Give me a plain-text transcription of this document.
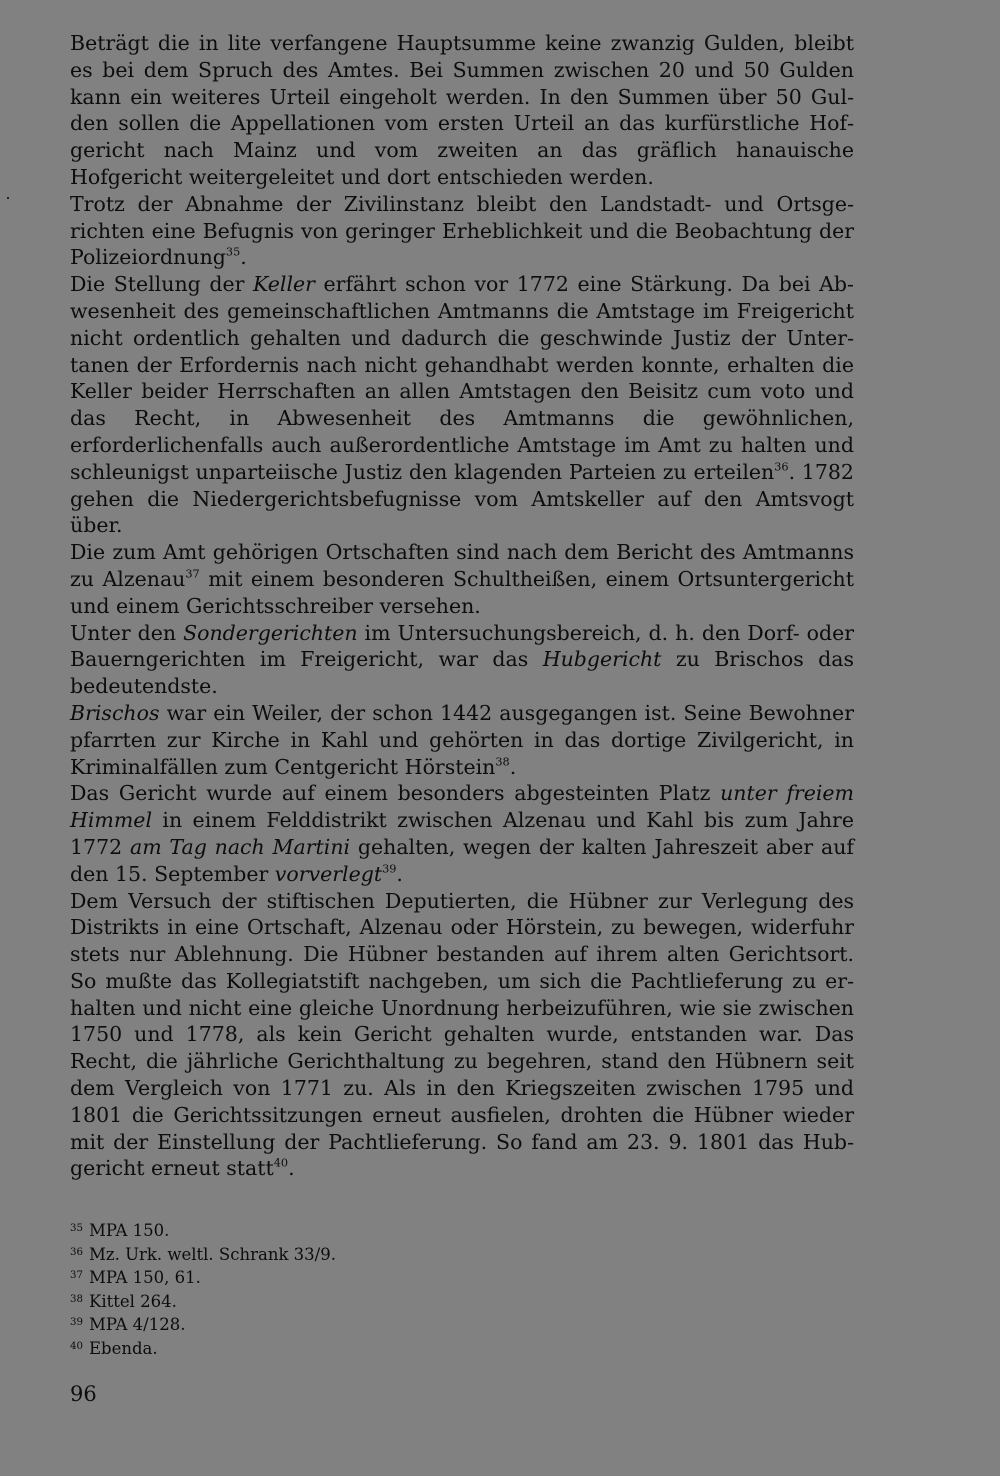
Beträgt die in lite verfangene Hauptsumme keine zwanzig Gulden, bleibt es bei dem Spruch des Amtes. Bei Summen zwischen 20 und 50 Gulden kann ein weiteres Urteil eingeholt werden. In den Summen über 50 Gulden sollen die Appellationen vom ersten Urteil an das kurfürstliche Hofgericht nach Mainz und vom zweiten an das gräflich hanauische Hofgericht weitergeleitet und dort entschieden werden.

Trotz der Abnahme der Zivilinstanz bleibt den Landstadt- und Ortsgerichten eine Befugnis von geringer Erheblichkeit und die Beobachtung der Polizeiordnung$^{35}$.

Die Stellung der Keller erfährt schon vor 1772 eine Stärkung. Da bei Abwesenheit des gemeinschaftlichen Amtmanns die Amtstage im Freigericht nicht ordentlich gehalten und dadurch die geschwinde Justiz der Untertanen der Erfordernis nach nicht gehandhabt werden konnte, erhalten die Keller beider Herrschaften an allen Amtstagen den Beisitz cum voto und das Recht, in Abwesenheit des Amtmanns die gewöhnlichen, erforderlichenfalls auch außerordentliche Amtstage im Amt zu halten und schleunigst unparteiische Justiz den klagenden Parteien zu erteilen$^{36}$. 1782 gehen die Niedergerichtsbefugnisse vom Amtskeller auf den Amtsvogt über.

Die zum Amt gehörigen Ortschaften sind nach dem Bericht des Amtmanns zu Alzenau$^{37}$ mit einem besonderen Schultheißen, einem Ortsuntergericht und einem Gerichtsschreiber versehen.

Unter den Sondergerichten im Untersuchungsbereich, d. h. den Dorf- oder Bauerngerichten im Freigericht, war das Hubgericht zu Brischos das bedeutendste.

Brischos war ein Weiler, der schon 1442 ausgegangen ist. Seine Bewohner pfarrten zur Kirche in Kahl und gehörten in das dortige Zivilgericht, in Kriminalfällen zum Centgericht Hörstein$^{38}$.

Das Gericht wurde auf einem besonders abgesteinten Platz unter freiem Himmel in einem Felddistrikt zwischen Alzenau und Kahl bis zum Jahre 1772 am Tag nach Martini gehalten, wegen der kalten Jahreszeit aber auf den 15. September vorverlegt$^{39}$.

Dem Versuch der stiftischen Deputierten, die Hübner zur Verlegung des Distrikts in eine Ortschaft, Alzenau oder Hörstein, zu bewegen, widerfuhr stets nur Ablehnung. Die Hübner bestanden auf ihrem alten Gerichtsort. So mußte das Kollegiatstift nachgeben, um sich die Pachtlieferung zu erhalten und nicht eine gleiche Unordnung herbeizuführen, wie sie zwischen 1750 und 1778, als kein Gericht gehalten wurde, entstanden war. Das Recht, die jährliche Gerichthaltung zu begehren, stand den Hübnern seit dem Vergleich von 1771 zu. Als in den Kriegszeiten zwischen 1795 und 1801 die Gerichtssitzungen erneut ausfielen, drohten die Hübner wieder mit der Einstellung der Pachtlieferung. So fand am 23. 9. 1801 das Hubgericht erneut statt$^{40}$.

35 MPA 150.
36 Mz. Urk. weltl. Schrank 33/9.
37 MPA 150, 61.
38 Kittel 264.
39 MPA 4/128.
40 Ebenda.
96
